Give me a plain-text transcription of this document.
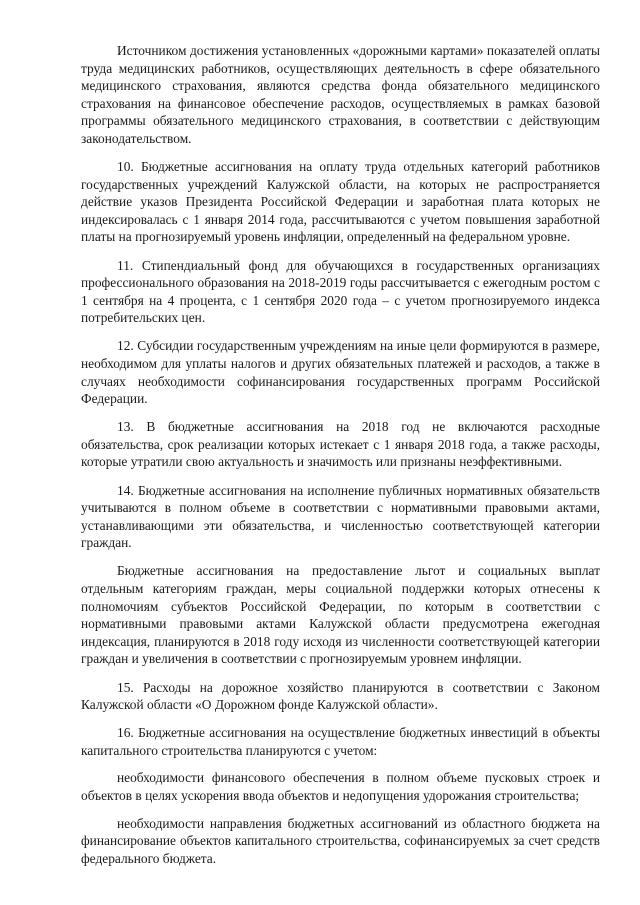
Источником достижения установленных «дорожными картами» показателей оплаты труда медицинских работников, осуществляющих деятельность в сфере обязательного медицинского страхования, являются средства фонда обязательного медицинского страхования на финансовое обеспечение расходов, осуществляемых в рамках базовой программы обязательного медицинского страхования, в соответствии с действующим законодательством.

10. Бюджетные ассигнования на оплату труда отдельных категорий работников государственных учреждений Калужской области, на которых не распространяется действие указов Президента Российской Федерации и заработная плата которых не индексировалась с 1 января 2014 года, рассчитываются с учетом повышения заработной платы на прогнозируемый уровень инфляции, определенный на федеральном уровне.

11. Стипендиальный фонд для обучающихся в государственных организациях профессионального образования на 2018-2019 годы рассчитывается с ежегодным ростом с 1 сентября на 4 процента, с 1 сентября 2020 года – с учетом прогнозируемого индекса потребительских цен.

12. Субсидии государственным учреждениям на иные цели формируются в размере, необходимом для уплаты налогов и других обязательных платежей и расходов, а также в случаях необходимости софинансирования государственных программ Российской Федерации.

13. В бюджетные ассигнования на 2018 год не включаются расходные обязательства, срок реализации которых истекает с 1 января 2018 года, а также расходы, которые утратили свою актуальность и значимость или признаны неэффективными.

14. Бюджетные ассигнования на исполнение публичных нормативных обязательств учитываются в полном объеме в соответствии с нормативными правовыми актами, устанавливающими эти обязательства, и численностью соответствующей категории граждан.

Бюджетные ассигнования на предоставление льгот и социальных выплат отдельным категориям граждан, меры социальной поддержки которых отнесены к полномочиям субъектов Российской Федерации, по которым в соответствии с нормативными правовыми актами Калужской области предусмотрена ежегодная индексация, планируются в 2018 году исходя из численности соответствующей категории граждан и увеличения в соответствии с прогнозируемым уровнем инфляции.

15. Расходы на дорожное хозяйство планируются в соответствии с Законом Калужской области «О Дорожном фонде Калужской области».

16. Бюджетные ассигнования на осуществление бюджетных инвестиций в объекты капитального строительства планируются с учетом:

необходимости финансового обеспечения в полном объеме пусковых строек и объектов в целях ускорения ввода объектов и недопущения удорожания строительства;

необходимости направления бюджетных ассигнований из областного бюджета на финансирование объектов капитального строительства, софинансируемых за счет средств федерального бюджета.
